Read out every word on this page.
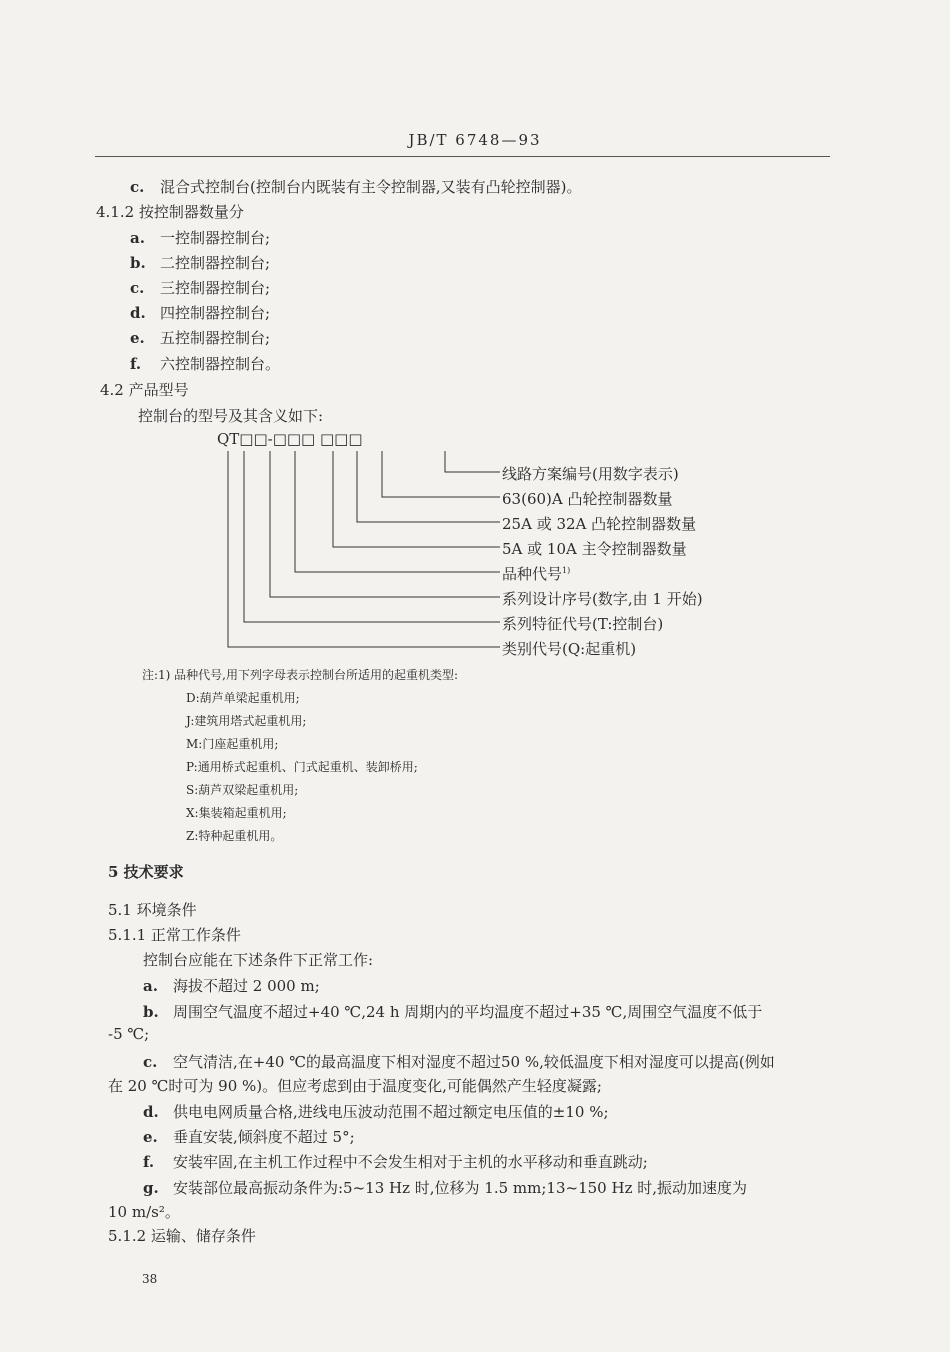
JB/T 6748—93
c. 混合式控制台(控制台内既装有主令控制器,又装有凸轮控制器)。
4.1.2 按控制器数量分
a. 一控制器控制台;
b. 二控制器控制台;
c. 三控制器控制台;
d. 四控制器控制台;
e. 五控制器控制台;
f. 六控制器控制台。
4.2 产品型号
控制台的型号及其含义如下:
QT□□-□□□ □□□
线路方案编号(用数字表示)
63(60)A 凸轮控制器数量
25A 或 32A 凸轮控制器数量
5A 或 10A 主令控制器数量
品种代号$^{1)}$
系列设计序号(数字,由 1 开始)
系列特征代号(T:控制台)
类别代号(Q:起重机)
注:1) 品种代号,用下列字母表示控制台所适用的起重机类型:
D:葫芦单梁起重机用;
J:建筑用塔式起重机用;
M:门座起重机用;
P:通用桥式起重机、门式起重机、装卸桥用;
S:葫芦双梁起重机用;
X:集装箱起重机用;
Z:特种起重机用。
5 技术要求
5.1 环境条件
5.1.1 正常工作条件
控制台应能在下述条件下正常工作:
a. 海拔不超过 2 000 m;
b. 周围空气温度不超过+40 ℃,24 h 周期内的平均温度不超过+35 ℃,周围空气温度不低于
-5 ℃;
c. 空气清洁,在+40 ℃的最高温度下相对湿度不超过50 %,较低温度下相对湿度可以提高(例如
在 20 ℃时可为 90 %)。但应考虑到由于温度变化,可能偶然产生轻度凝露;
d. 供电电网质量合格,进线电压波动范围不超过额定电压值的±10 %;
e. 垂直安装,倾斜度不超过 5°;
f. 安装牢固,在主机工作过程中不会发生相对于主机的水平移动和垂直跳动;
g. 安装部位最高振动条件为:5~13 Hz 时,位移为 1.5 mm;13~150 Hz 时,振动加速度为
10 m/s²。
5.1.2 运输、储存条件
38
